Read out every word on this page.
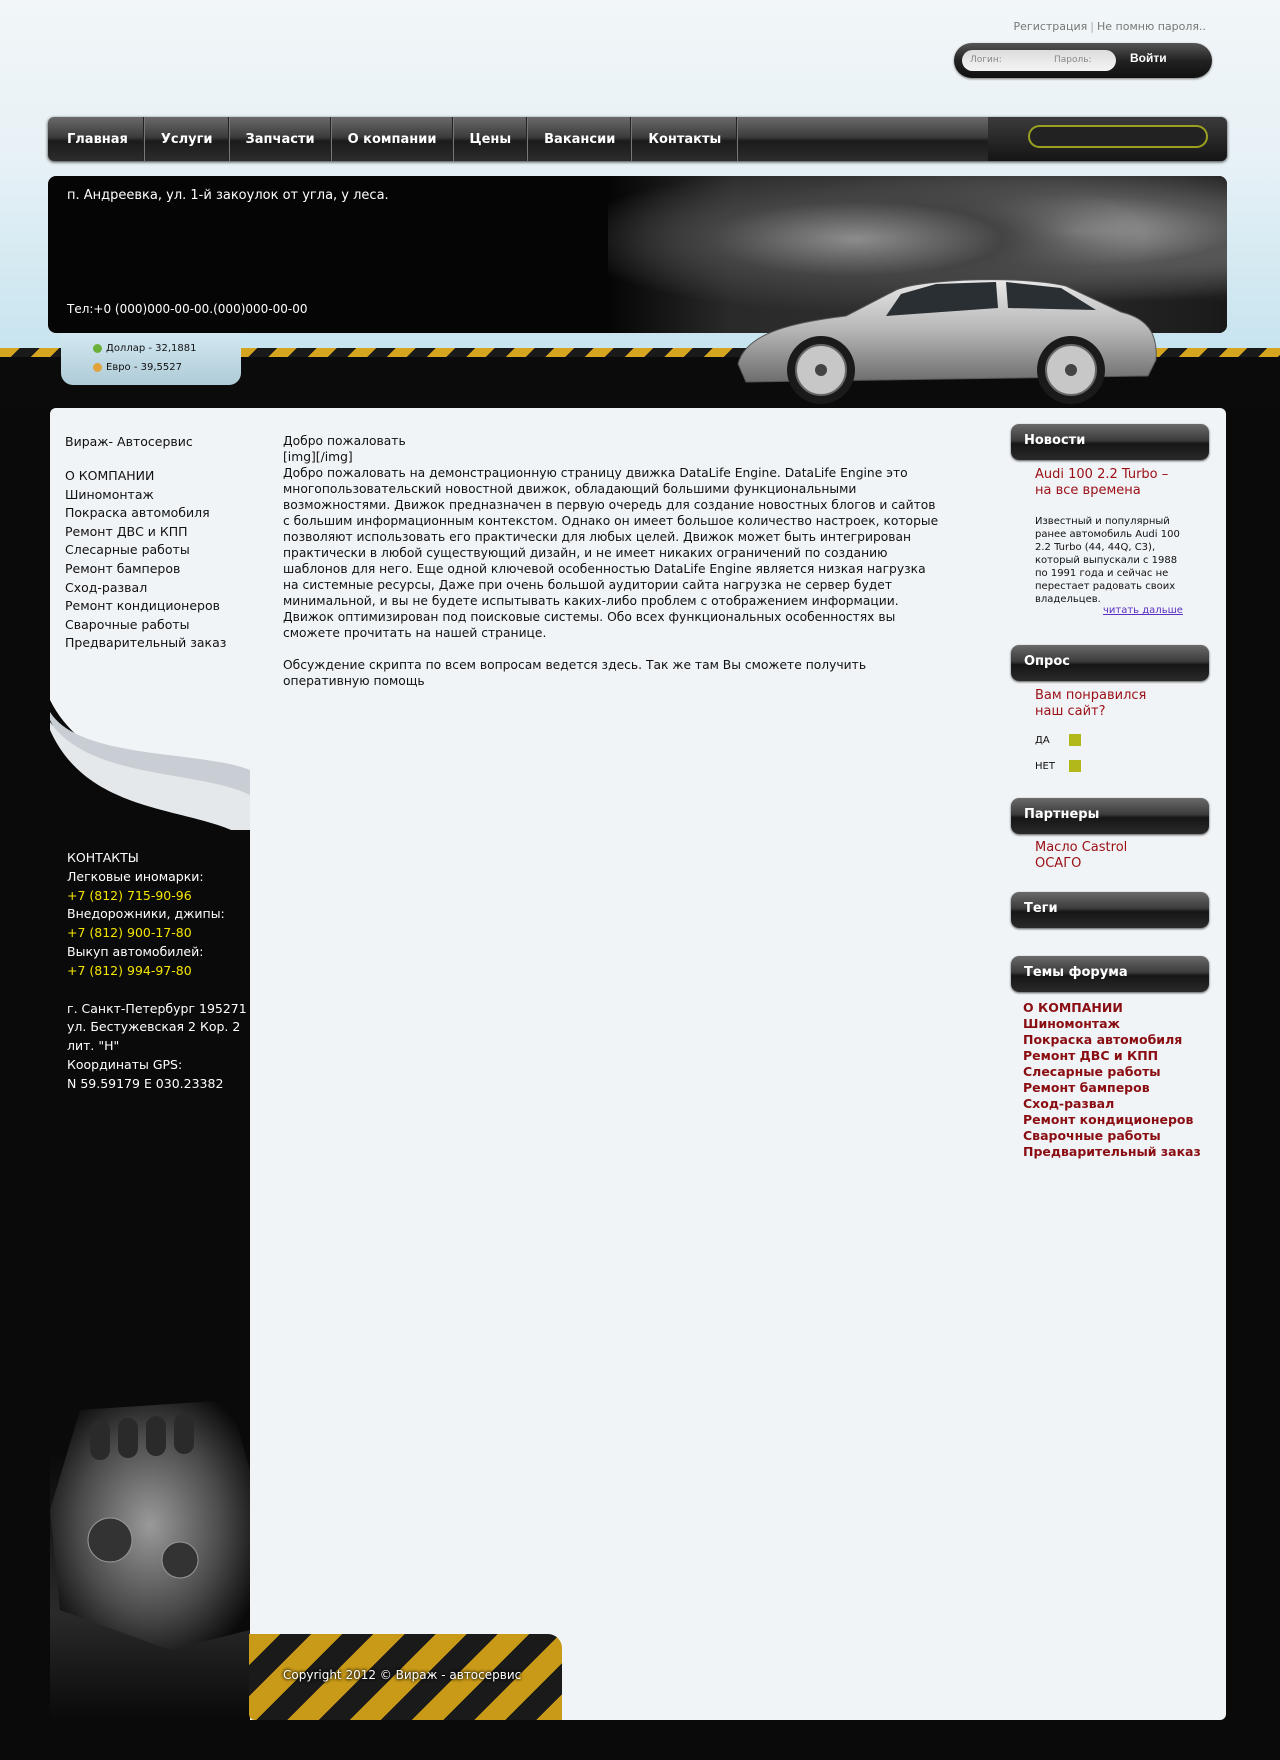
Регистрация | Не помню пароля..
Логин:	Пароль:	Войти
Главная	Услуги	Запчасти	О компании	Цены	Вакансии	Контакты
п. Андреевка, ул. 1-й закоулок от угла, у леса.
Тел:+0 (000)000-00-00.(000)000-00-00
Доллар - 32,1881
Евро - 39,5527
Вираж- Автосервис
О КОМПАНИИ
Шиномонтаж
Покраска автомобиля
Ремонт ДВС и КПП
Слесарные работы
Ремонт бамперов
Сход-развал
Ремонт кондиционеров
Сварочные работы
Предварительный заказ
КОНТАКТЫ
Легковые иномарки:
+7 (812) 715-90-96
Внедорожники, джипы:
+7 (812) 900-17-80
Выкуп автомобилей:
+7 (812) 994-97-80
г. Санкт-Петербург 195271
ул. Бестужевская 2 Кор. 2
лит. "Н"
Координаты GPS:
N 59.59179 E 030.23382

Добро пожаловать

[img][/img]

Добро пожаловать на демонстрационную страницу движка DataLife Engine. DataLife Engine это многопользовательский новостной движок, обладающий большими функциональными возможностями. Движок предназначен в первую очередь для создание новостных блогов и сайтов с большим информационным контекстом. Однако он имеет большое количество настроек, которые позволяют использовать его практически для любых целей. Движок может быть интегрирован практически в любой существующий дизайн, и не имеет никаких ограничений по созданию шаблонов для него. Еще одной ключевой особенностью DataLife Engine является низкая нагрузка на системные ресурсы, Даже при очень большой аудитории сайта нагрузка не сервер будет минимальной, и вы не будете испытывать каких-либо проблем с отображением информации. Движок оптимизирован под поисковые системы. Обо всех функциональных особенностях вы сможете прочитать на нашей странице.

Обсуждение скрипта по всем вопросам ведется здесь. Так же там Вы сможете получить оперативную помощь

Новости
Audi 100 2.2 Turbo – на все времена
Известный и популярный ранее автомобиль Audi 100 2.2 Turbo (44, 44Q, C3), который выпускали с 1988 по 1991 года и сейчас не перестает радовать своих владельцев.
читать дальше
Опрос
Вам понравился наш сайт?
ДА
НЕТ
Партнеры
Масло Castrol
ОСАГО
Теги
Темы форума
О КОМПАНИИ
Шиномонтаж
Покраска автомобиля
Ремонт ДВС и КПП
Слесарные работы
Ремонт бамперов
Сход-развал
Ремонт кондиционеров
Сварочные работы
Предварительный заказ
Copyright 2012 © Вираж - автосервис
